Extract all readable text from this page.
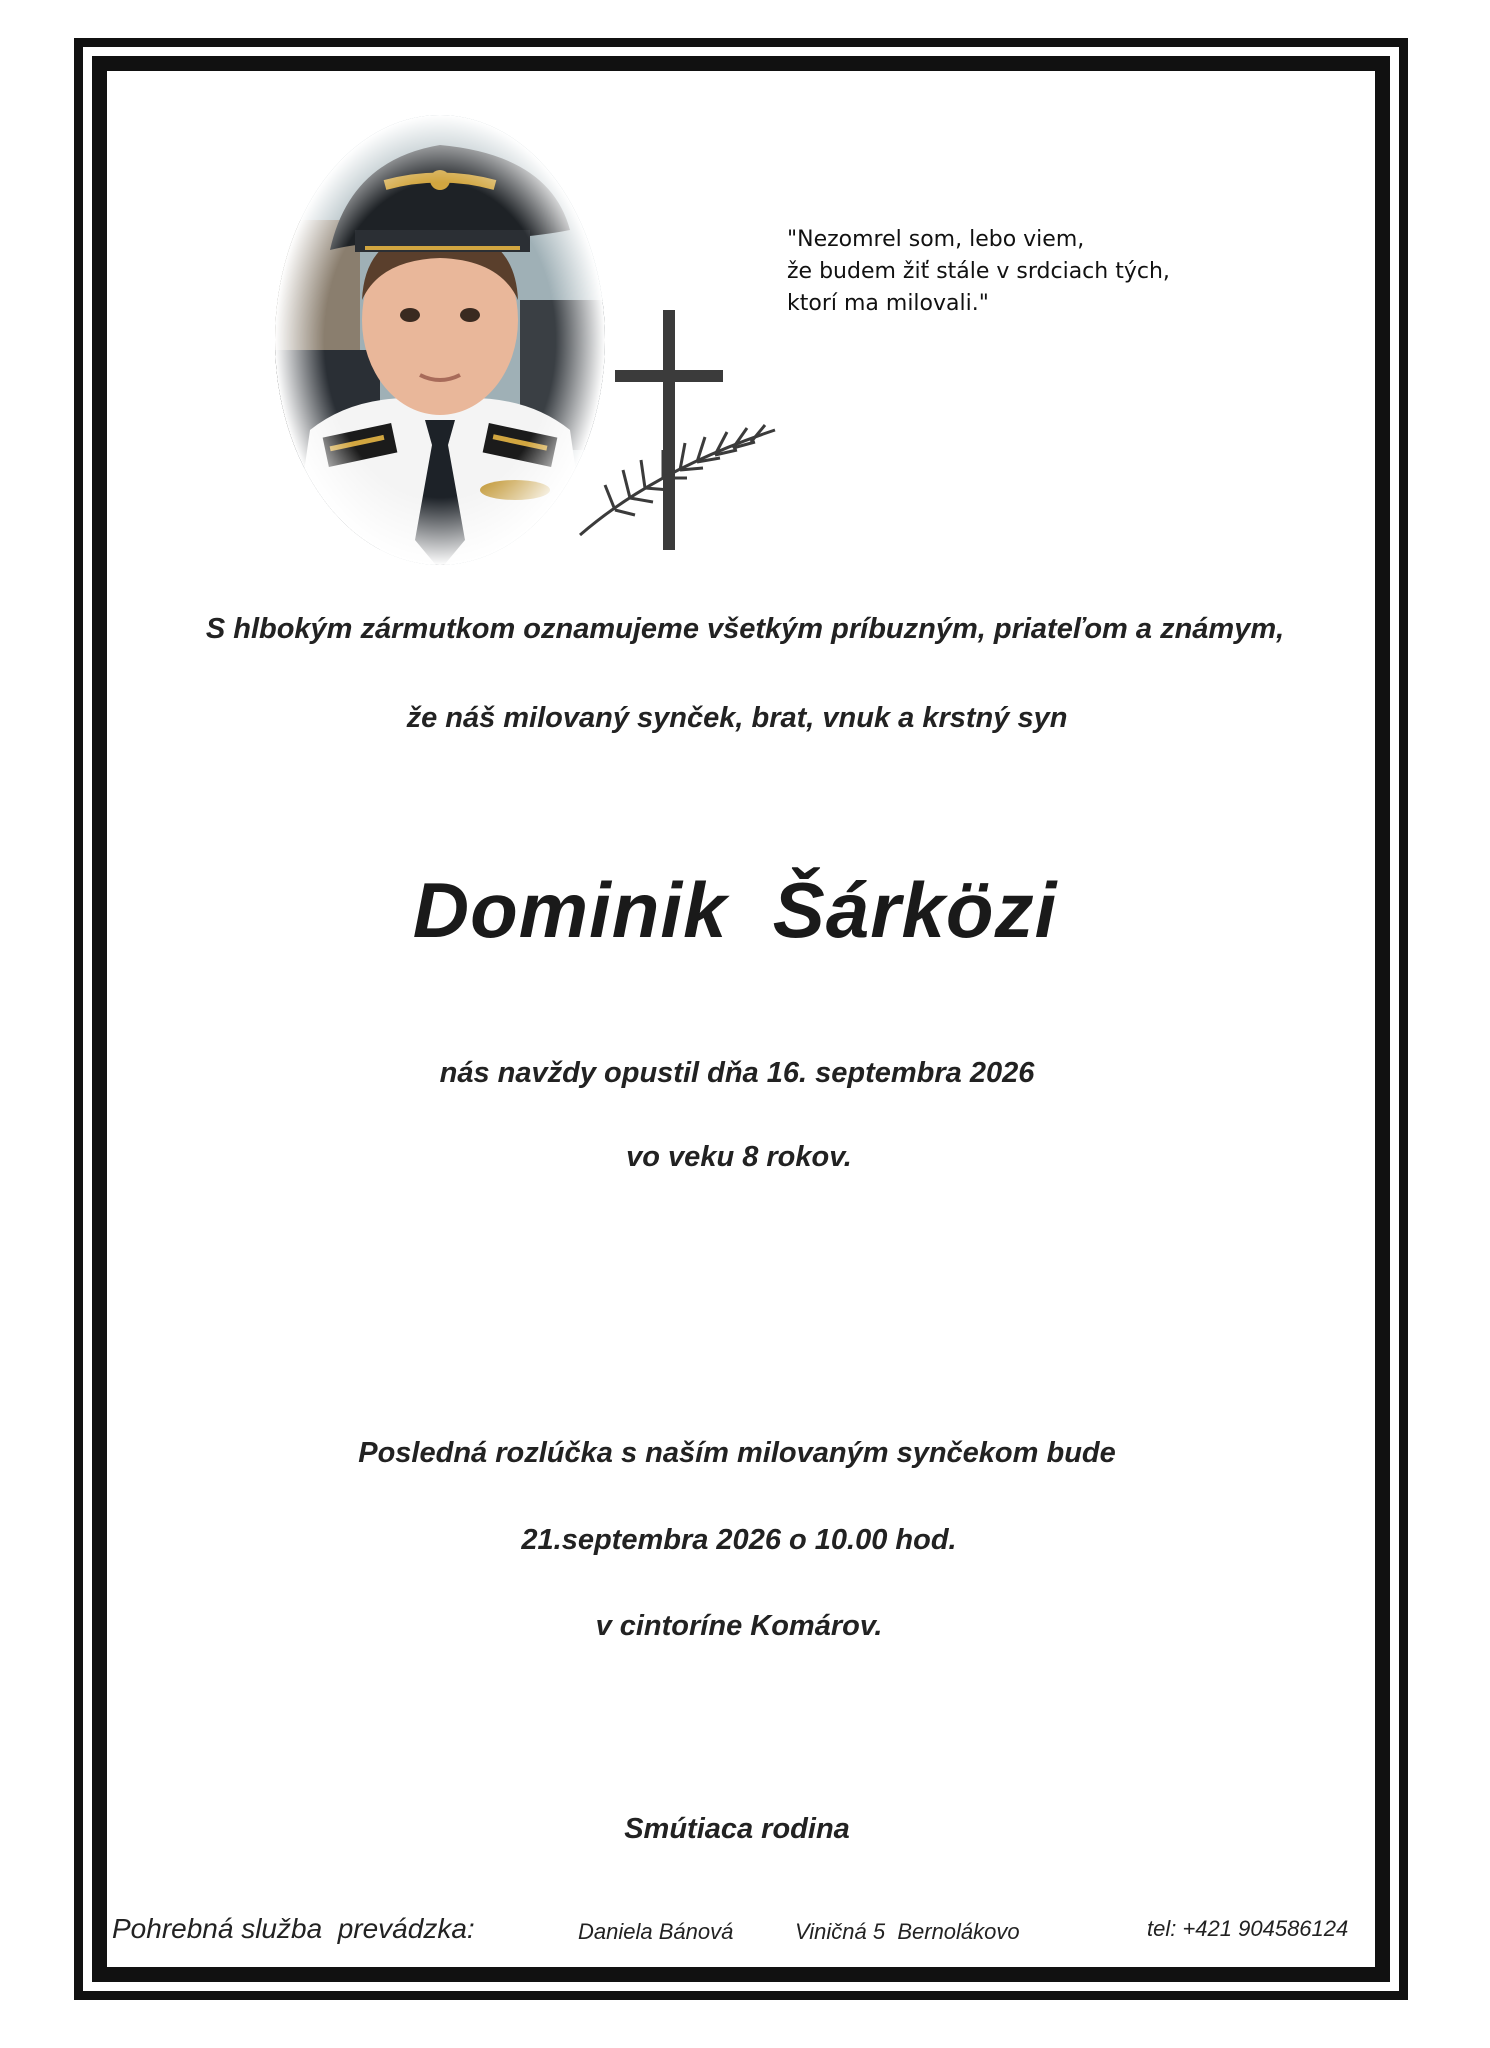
"Nezomrel som, lebo viem,
že budem žiť stále v srdciach tých,
ktorí ma milovali."
S hlbokým zármutkom oznamujeme všetkým príbuzným, priateľom a známym,
že náš milovaný synček, brat, vnuk a krstný syn
Dominik  Šárközi
nás navždy opustil dňa 16. septembra 2026
vo veku 8 rokov.
Posledná rozlúčka s naším milovaným synčekom bude
21.septembra 2026 o 10.00 hod.
v cintoríne Komárov.
Smútiaca rodina
Pohrebná služba  prevádzka:	Daniela Bánová	Viničná 5  Bernolákovo	tel: +421 904586124
